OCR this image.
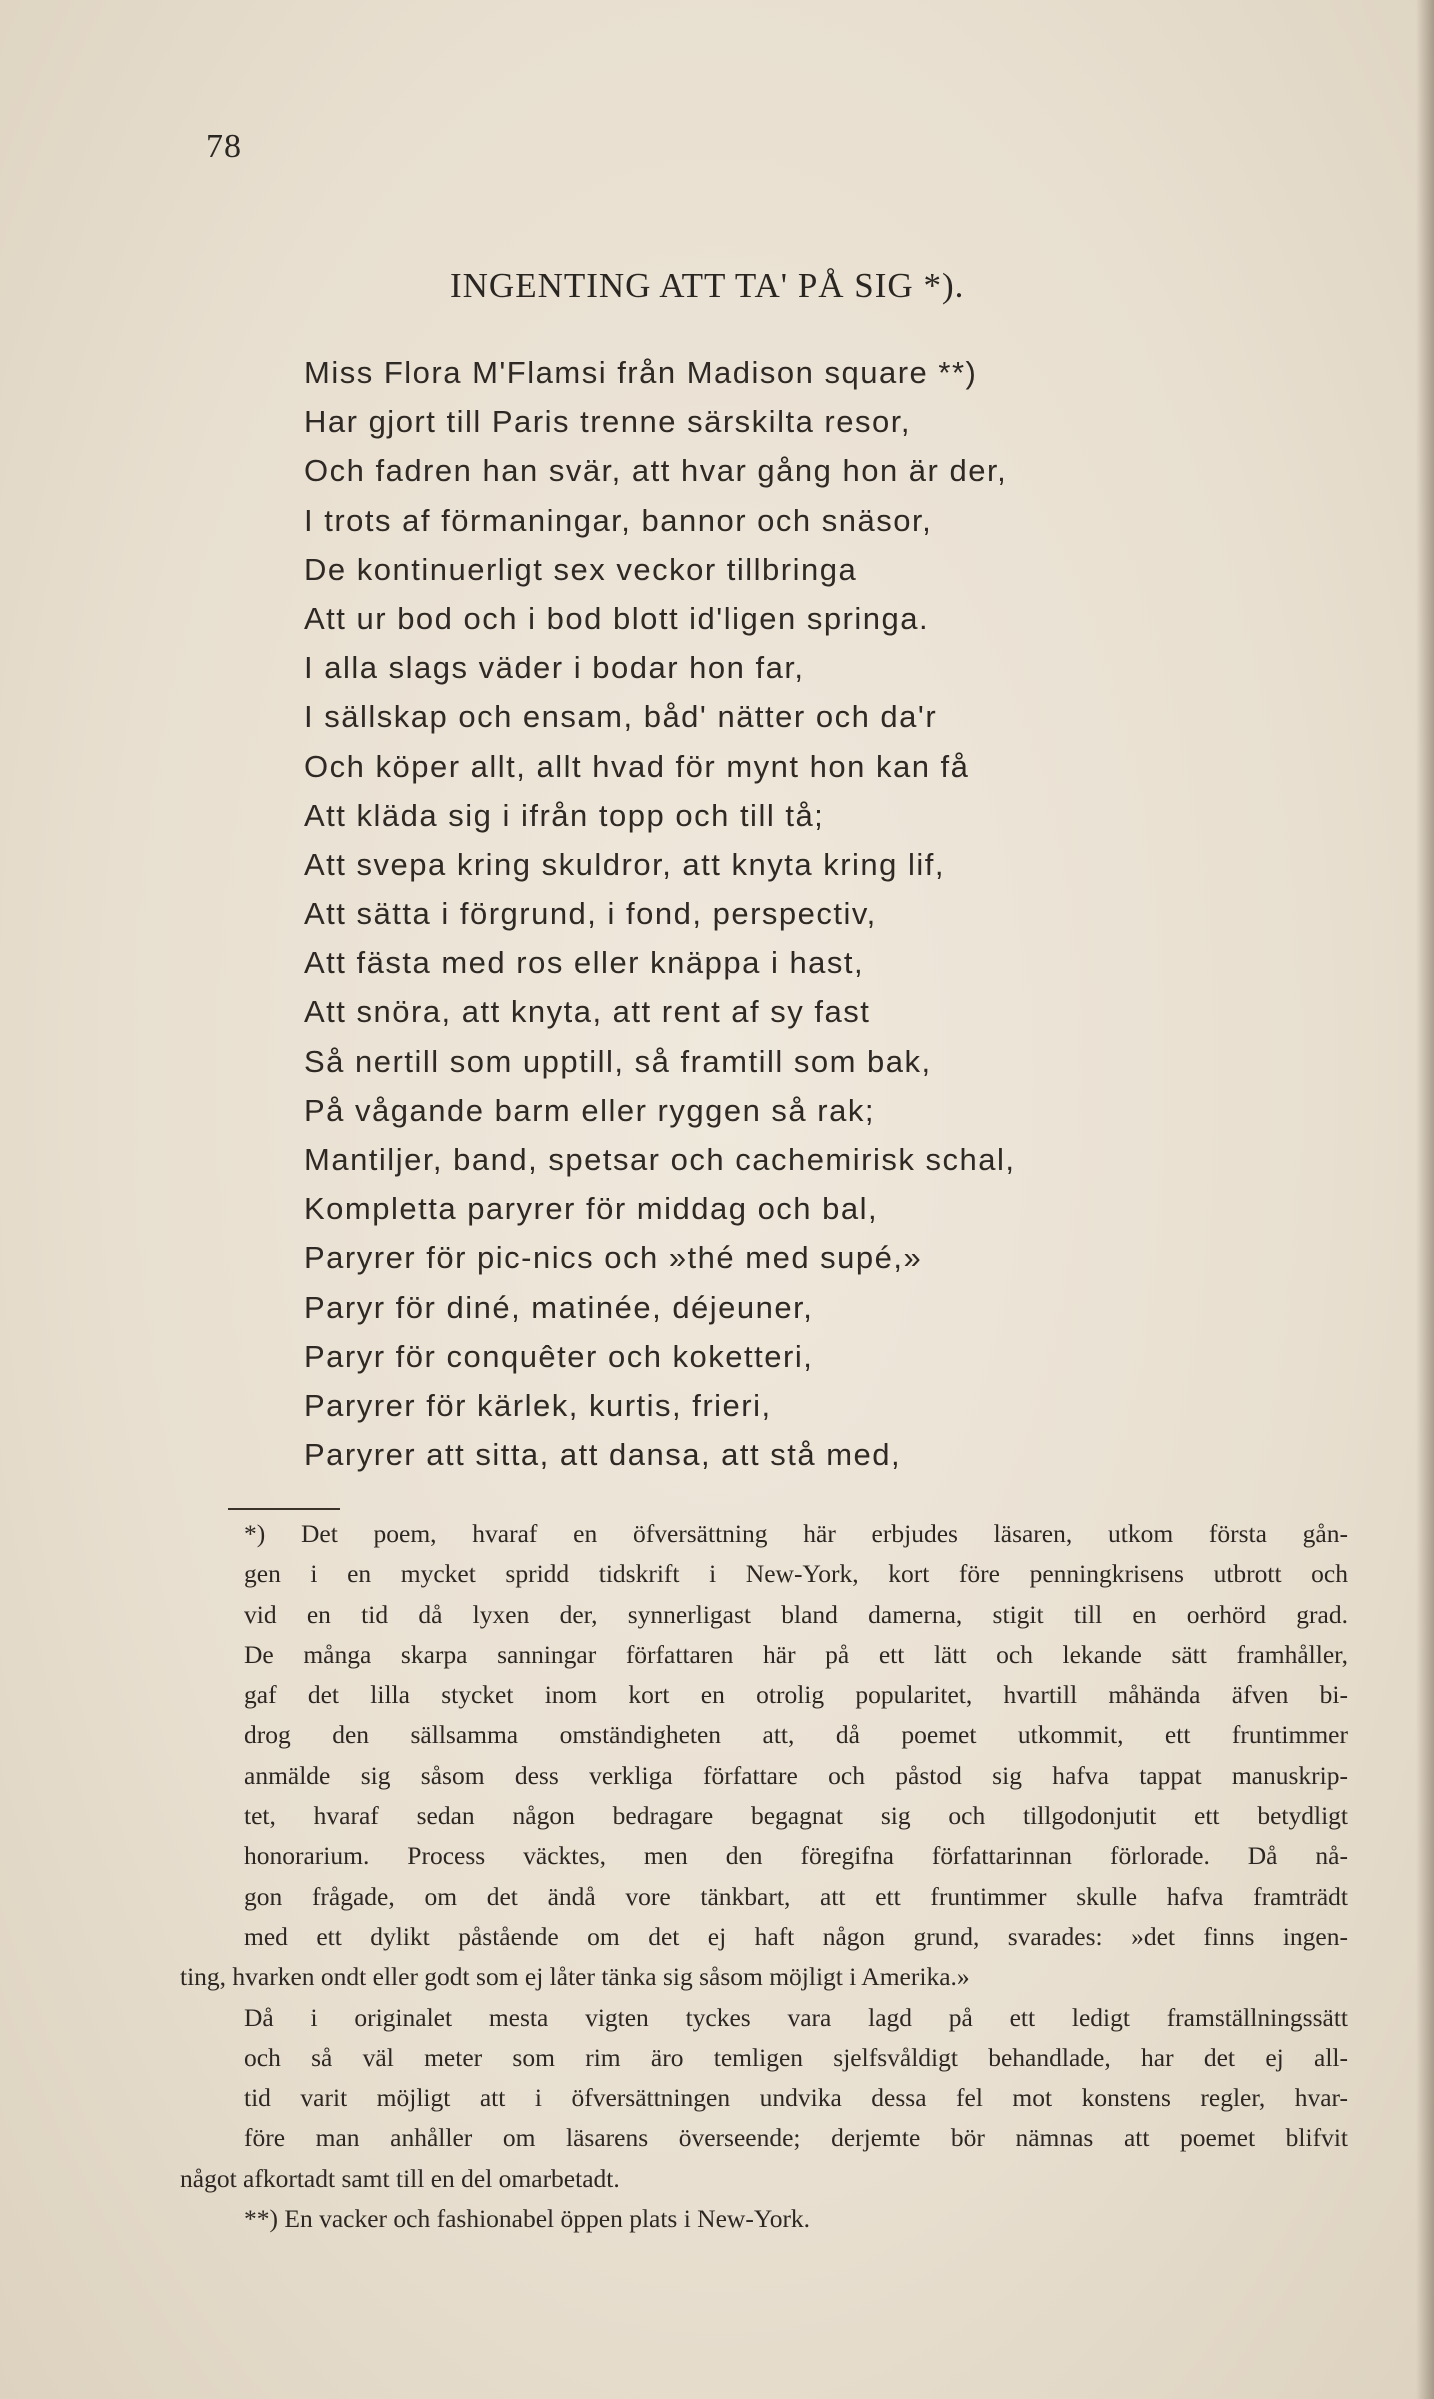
78
INGENTING ATT TA' PÅ SIG *).
Miss Flora M'Flamsi från Madison square **)
Har gjort till Paris trenne särskilta resor,
Och fadren han svär, att hvar gång hon är der,
I trots af förmaningar, bannor och snäsor,
De kontinuerligt sex veckor tillbringa
Att ur bod och i bod blott id'ligen springa.
I alla slags väder i bodar hon far,
I sällskap och ensam, båd' nätter och da'r
Och köper allt, allt hvad för mynt hon kan få
Att kläda sig i ifrån topp och till tå;
Att svepa kring skuldror, att knyta kring lif,
Att sätta i förgrund, i fond, perspectiv,
Att fästa med ros eller knäppa i hast,
Att snöra, att knyta, att rent af sy fast
Så nertill som upptill, så framtill som bak,
På vågande barm eller ryggen så rak;
Mantiljer, band, spetsar och cachemirisk schal,
Kompletta paryrer för middag och bal,
Paryrer för pic-nics och »thé med supé,»
Paryr för diné, matinée, déjeuner,
Paryr för conquêter och koketteri,
Paryrer för kärlek, kurtis, frieri,
Paryrer att sitta, att dansa, att stå med,

*) Det poem, hvaraf en öfversättning här erbjudes läsaren, utkom första gån-
gen i en mycket spridd tidskrift i New-York, kort före penningkrisens utbrott och
vid en tid då lyxen der, synnerligast bland damerna, stigit till en oerhörd grad.
De många skarpa sanningar författaren här på ett lätt och lekande sätt framhåller,
gaf det lilla stycket inom kort en otrolig popularitet, hvartill måhända äfven bi-
drog den sällsamma omständigheten att, då poemet utkommit, ett fruntimmer
anmälde sig såsom dess verkliga författare och påstod sig hafva tappat manuskrip-
tet, hvaraf sedan någon bedragare begagnat sig och tillgodonjutit ett betydligt
honorarium. Process väcktes, men den föregifna författarinnan förlorade. Då nå-
gon frågade, om det ändå vore tänkbart, att ett fruntimmer skulle hafva framträdt
med ett dylikt påstående om det ej haft någon grund, svarades: »det finns ingen-
ting, hvarken ondt eller godt som ej låter tänka sig såsom möjligt i Amerika.»

Då i originalet mesta vigten tyckes vara lagd på ett ledigt framställningssätt
och så väl meter som rim äro temligen sjelfsvåldigt behandlade, har det ej all-
tid varit möjligt att i öfversättningen undvika dessa fel mot konstens regler, hvar-
före man anhåller om läsarens överseende; derjemte bör nämnas att poemet blifvit
något afkortadt samt till en del omarbetadt.

**) En vacker och fashionabel öppen plats i New-York.
